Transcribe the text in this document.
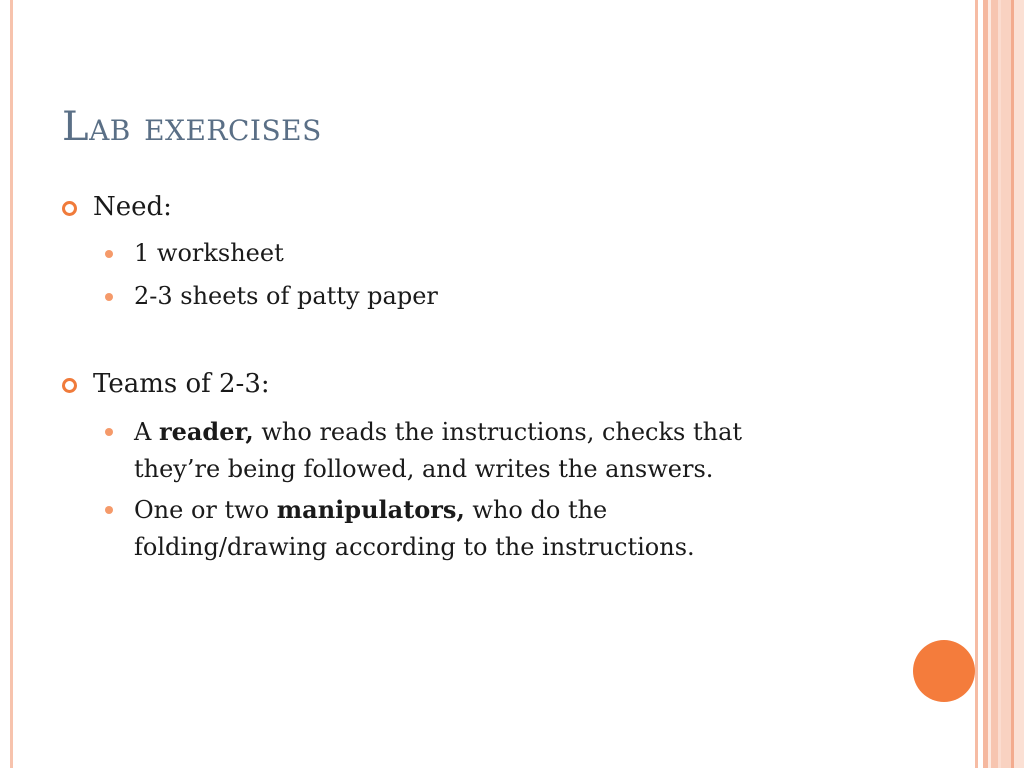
Lab exercises
Need:
1 worksheet
2-3 sheets of patty paper
Teams of 2-3:
A reader, who reads the instructions, checks that
they’re being followed, and writes the answers.
One or two manipulators, who do the
folding/drawing according to the instructions.
